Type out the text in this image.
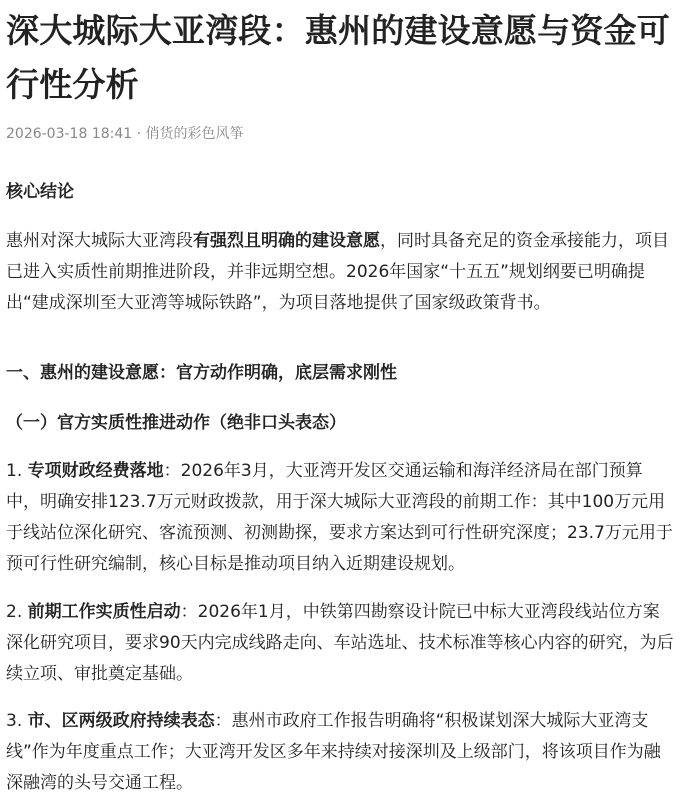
深大城际大亚湾段：惠州的建设意愿与资金可行性分析
2026-03-18 18:41 · 俏货的彩色风筝
核心结论

惠州对深大城际大亚湾段有强烈且明确的建设意愿，同时具备充足的资金承接能力，项目已进入实质性前期推进阶段，并非远期空想。2026年国家“十五五”规划纲要已明确提出“建成深圳至大亚湾等城际铁路”，为项目落地提供了国家级政策背书。

一、惠州的建设意愿：官方动作明确，底层需求刚性
（一）官方实质性推进动作（绝非口头表态）

1. 专项财政经费落地：2026年3月，大亚湾开发区交通运输和海洋经济局在部门预算中，明确安排123.7万元财政拨款，用于深大城际大亚湾段的前期工作：其中100万元用于线站位深化研究、客流预测、初测勘探，要求方案达到可行性研究深度；23.7万元用于预可行性研究编制，核心目标是推动项目纳入近期建设规划。

2. 前期工作实质性启动：2026年1月，中铁第四勘察设计院已中标大亚湾段线站位方案深化研究项目，要求90天内完成线路走向、车站选址、技术标准等核心内容的研究，为后续立项、审批奠定基础。

3. 市、区两级政府持续表态：惠州市政府工作报告明确将“积极谋划深大城际大亚湾支线”作为年度重点工作；大亚湾开发区多年来持续对接深圳及上级部门，将该项目作为融深融湾的头号交通工程。
